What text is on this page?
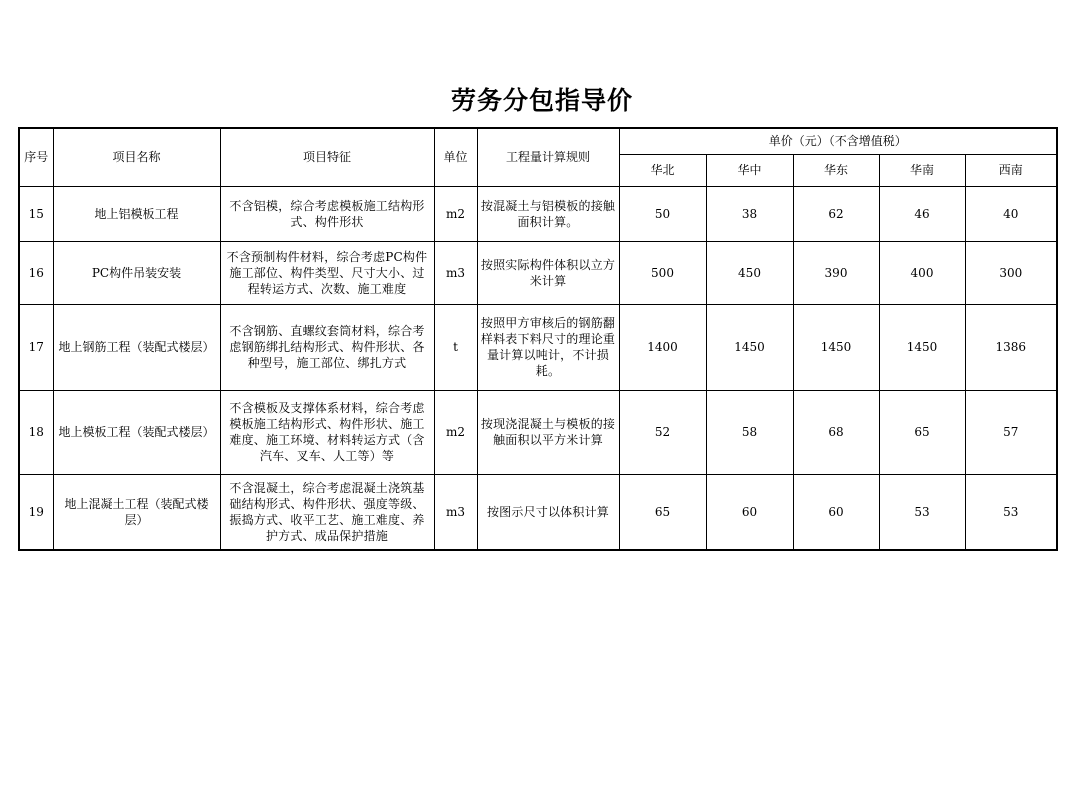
劳务分包指导价
序号	项目名称	项目特征	单位	工程量计算规则	单价（元）（不含增值税）				
					华北	华中	华东	华南	西南
15	地上铝模板工程	不含铝模，综合考虑模板施工结构形式、构件形状	m2	按混凝土与铝模板的接触面积计算。	50	38	62	46	40
16	PC构件吊装安装	不含预制构件材料，综合考虑PC构件施工部位、构件类型、尺寸大小、过程转运方式、次数、施工难度	m3	按照实际构件体积以立方米计算	500	450	390	400	300
17	地上钢筋工程（装配式楼层）	不含钢筋、直螺纹套筒材料，综合考虑钢筋绑扎结构形式、构件形状、各种型号，施工部位、绑扎方式	t	按照甲方审核后的钢筋翻样料表下料尺寸的理论重量计算以吨计，不计损耗。	1400	1450	1450	1450	1386
18	地上模板工程（装配式楼层）	不含模板及支撑体系材料，综合考虑模板施工结构形式、构件形状、施工难度、施工环境、材料转运方式（含汽车、叉车、人工等）等	m2	按现浇混凝土与模板的接触面积以平方米计算	52	58	68	65	57
19	地上混凝土工程（装配式楼层）	不含混凝土，综合考虑混凝土浇筑基础结构形式、构件形状、强度等级、振捣方式、收平工艺、施工难度、养护方式、成品保护措施	m3	按图示尺寸以体积计算	65	60	60	53	53
